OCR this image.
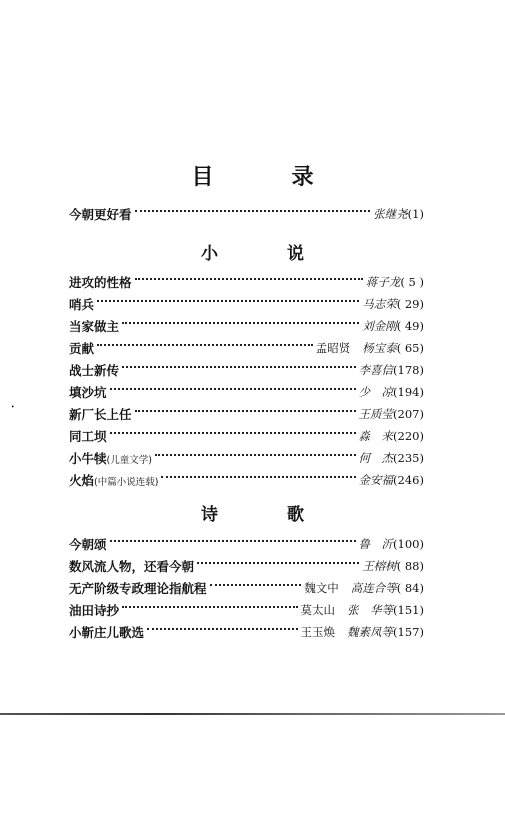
目　录
今朝更好看	张继尧 (1)
小　说
进攻的性格	蒋子龙 ( 5 )
哨兵	马志荣 ( 29)
当家做主	刘金刚 ( 49)
贡献	孟昭贤 杨宝泰 ( 65)
战士新传	李喜信 (178)
填沙坑	少　凉 (194)
新厂长上任	王质莹 (207)
同工坝	淼　来 (220)
小牛犊(儿童文学)	何　杰 (235)
火焰(中篇小说连载)	金安福 (246)
诗　歌
今朝颂	鲁　沂 (100)
数风流人物，还看今朝	王榕树 ( 88)
无产阶级专政理论指航程	魏文中 高连合等 ( 84)
油田诗抄	莫太山 张　华等 (151)
小靳庄儿歌选	王玉焕 魏素凤等 (157)
•
